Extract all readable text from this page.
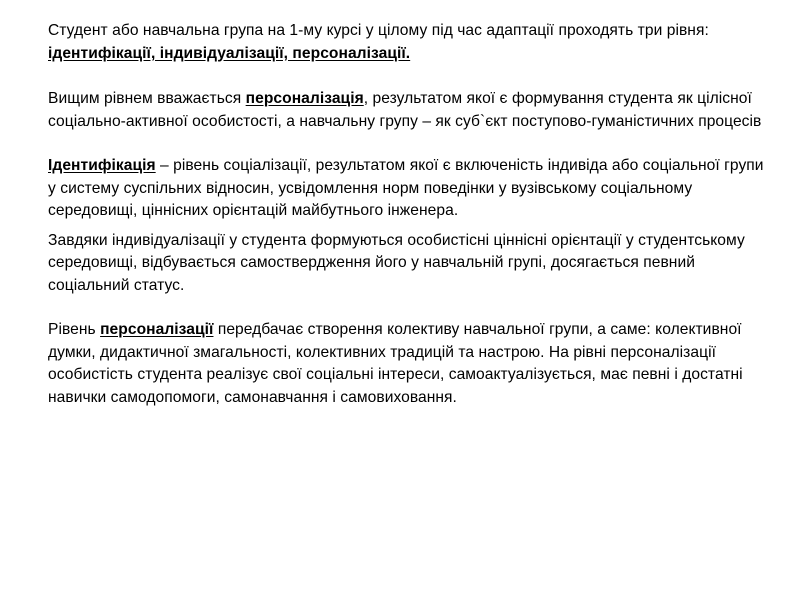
Студент або навчальна група на 1-му курсі у цілому під час адаптації проходять три рівня: ідентифікації, індивідуалізації, персоналізації.

Вищим рівнем вважається персоналізація, результатом якої є формування студента як цілісної соціально-активної особистості, а навчальну групу – як суб`єкт поступово-гуманістичних процесів

Ідентифікація – рівень соціалізації, результатом якої є включеність індивіда або соціальної групи у систему суспільних відносин, усвідомлення норм поведінки у вузівському соціальному середовищі, ціннісних орієнтацій майбутнього інженера.

Завдяки індивідуалізації у студента формуються особистісні ціннісні орієнтації у студентському середовищі, відбувається самоствердження його у навчальній групі, досягається певний соціальний статус.

Рівень персоналізації передбачає створення колективу навчальної групи, а саме: колективної думки, дидактичної змагальності, колективних традицій та настрою. На рівні персоналізації особистість студента реалізує свої соціальні інтереси, самоактуалізується, має певні і достатні навички самодопомоги, самонавчання і самовиховання.
